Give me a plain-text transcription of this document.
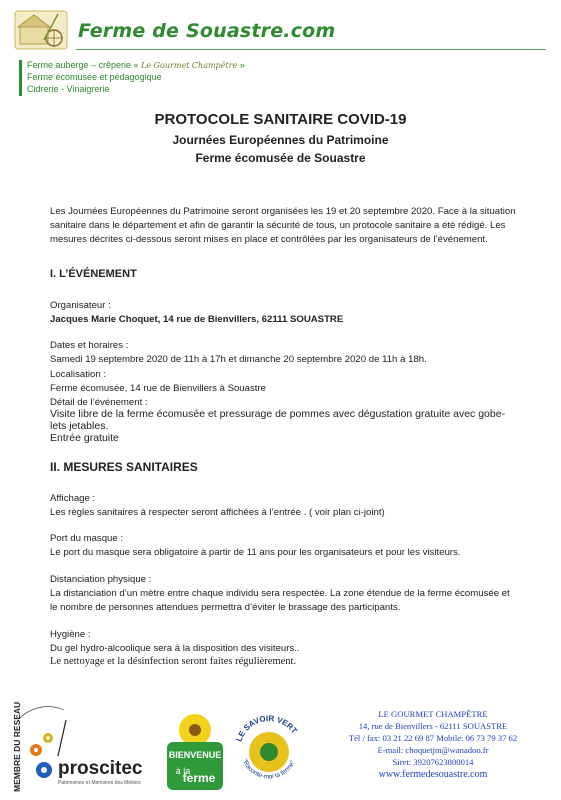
Ferme de Souastre.com
Ferme auberge – crêperie « Le Gourmet Champêtre »
Ferme écomusée et pédagogique
Cidrerie - Vinaigrerie
PROTOCOLE SANITAIRE COVID-19
Journées Européennes du Patrimoine
Ferme écomusée de Souastre
Les Journées Européennes du Patrimoine seront organisées les 19 et 20 septembre 2020. Face à la situation
sanitaire dans le département et afin de garantir la sécurité de tous, un protocole sanitaire a été rédigé. Les
mesures décrites ci-dessous seront mises en place et contrôlées par les organisateurs de l’événement.
I. L’ÉVÉNEMENT
Organisateur :
Jacques Marie Choquet, 14 rue de Bienvillers, 62111 SOUASTRE
Dates et horaires :
Samedi 19 septembre 2020 de 11h à 17h et dimanche 20 septembre 2020 de 11h à 18h.
Localisation :
Ferme écomusée, 14 rue de Bienvillers à Souastre
Détail de l’événement :
Visite libre de la ferme écomusée et pressurage de pommes avec dégustation gratuite avec gobe-
lets jetables.
Entrée gratuite
II. MESURES SANITAIRES
Affichage :
Les règles sanitaires à respecter seront affichées à l’entrée . ( voir plan ci-joint)
Port du masque :
Le port du masque sera obligatoire à partir de 11 ans pour les organisateurs et pour les visiteurs.
Distanciation physique :
La distanciation d’un mètre entre chaque individu sera respectée. La zone étendue de la ferme écomusée et
le nombre de personnes attendues permettra d’éviter le brassage des participants.
Hygiène :
Du gel hydro-alcoolique sera à la disposition des visiteurs..
Le nettoyage et la désinfection seront faites régulièrement.
MEMBRE DU RESEAU proscitec
Patrimoines et Mémoires des Métiers
BIENVENUE
à la
ferme
LE SAVOIR VERT
"Raconte-moi la ferme"
LE GOURMET CHAMPÊTRE
14, rue de Bienvillers - 62111 SOUASTRE
Tél / fax: 03 21 22 69 87 Mobile: 06 73 79 37 62
E-mail: choquetjm@wanadoo.fr
Siret: 39207623800014
www.fermedesouastre.com
